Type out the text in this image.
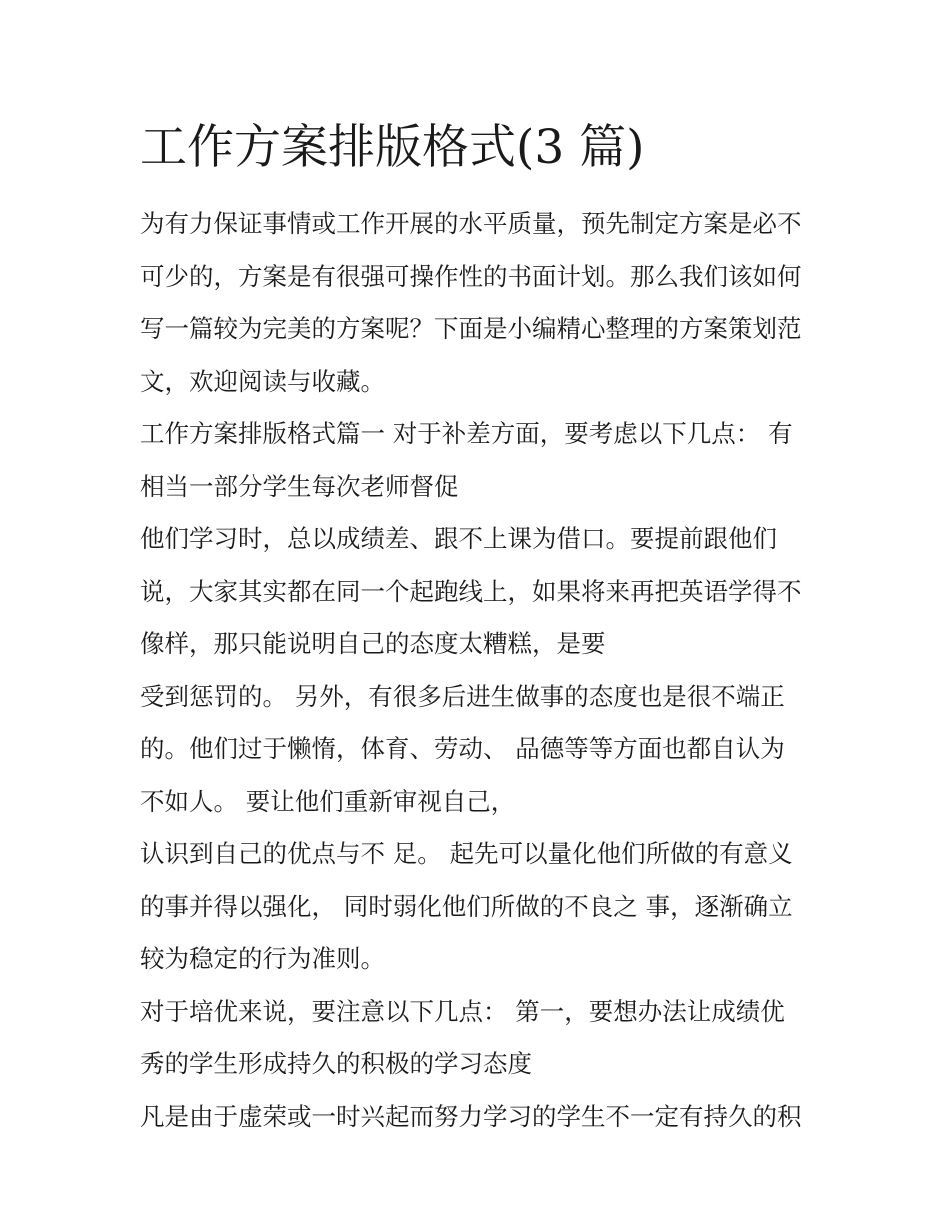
工作方案排版格式(3 篇)
为有力保证事情或工作开展的水平质量，预先制定方案是必不
可少的，方案是有很强可操作性的书面计划。那么我们该如何
写一篇较为完美的方案呢？下面是小编精心整理的方案策划范
文，欢迎阅读与收藏。
工作方案排版格式篇一 对于补差方面，要考虑以下几点： 有
相当一部分学生每次老师督促
他们学习时，总以成绩差、跟不上课为借口。要提前跟他们
说，大家其实都在同一个起跑线上，如果将来再把英语学得不
像样，那只能说明自己的态度太糟糕，是要
受到惩罚的。 另外，有很多后进生做事的态度也是很不端正
的。他们过于懒惰，体育、劳动、 品德等等方面也都自认为
不如人。 要让他们重新审视自己，
认识到自己的优点与不 足。 起先可以量化他们所做的有意义
的事并得以强化， 同时弱化他们所做的不良之 事，逐渐确立
较为稳定的行为准则。
对于培优来说，要注意以下几点： 第一，要想办法让成绩优
秀的学生形成持久的积极的学习态度
凡是由于虚荣或一时兴起而努力学习的学生不一定有持久的积
